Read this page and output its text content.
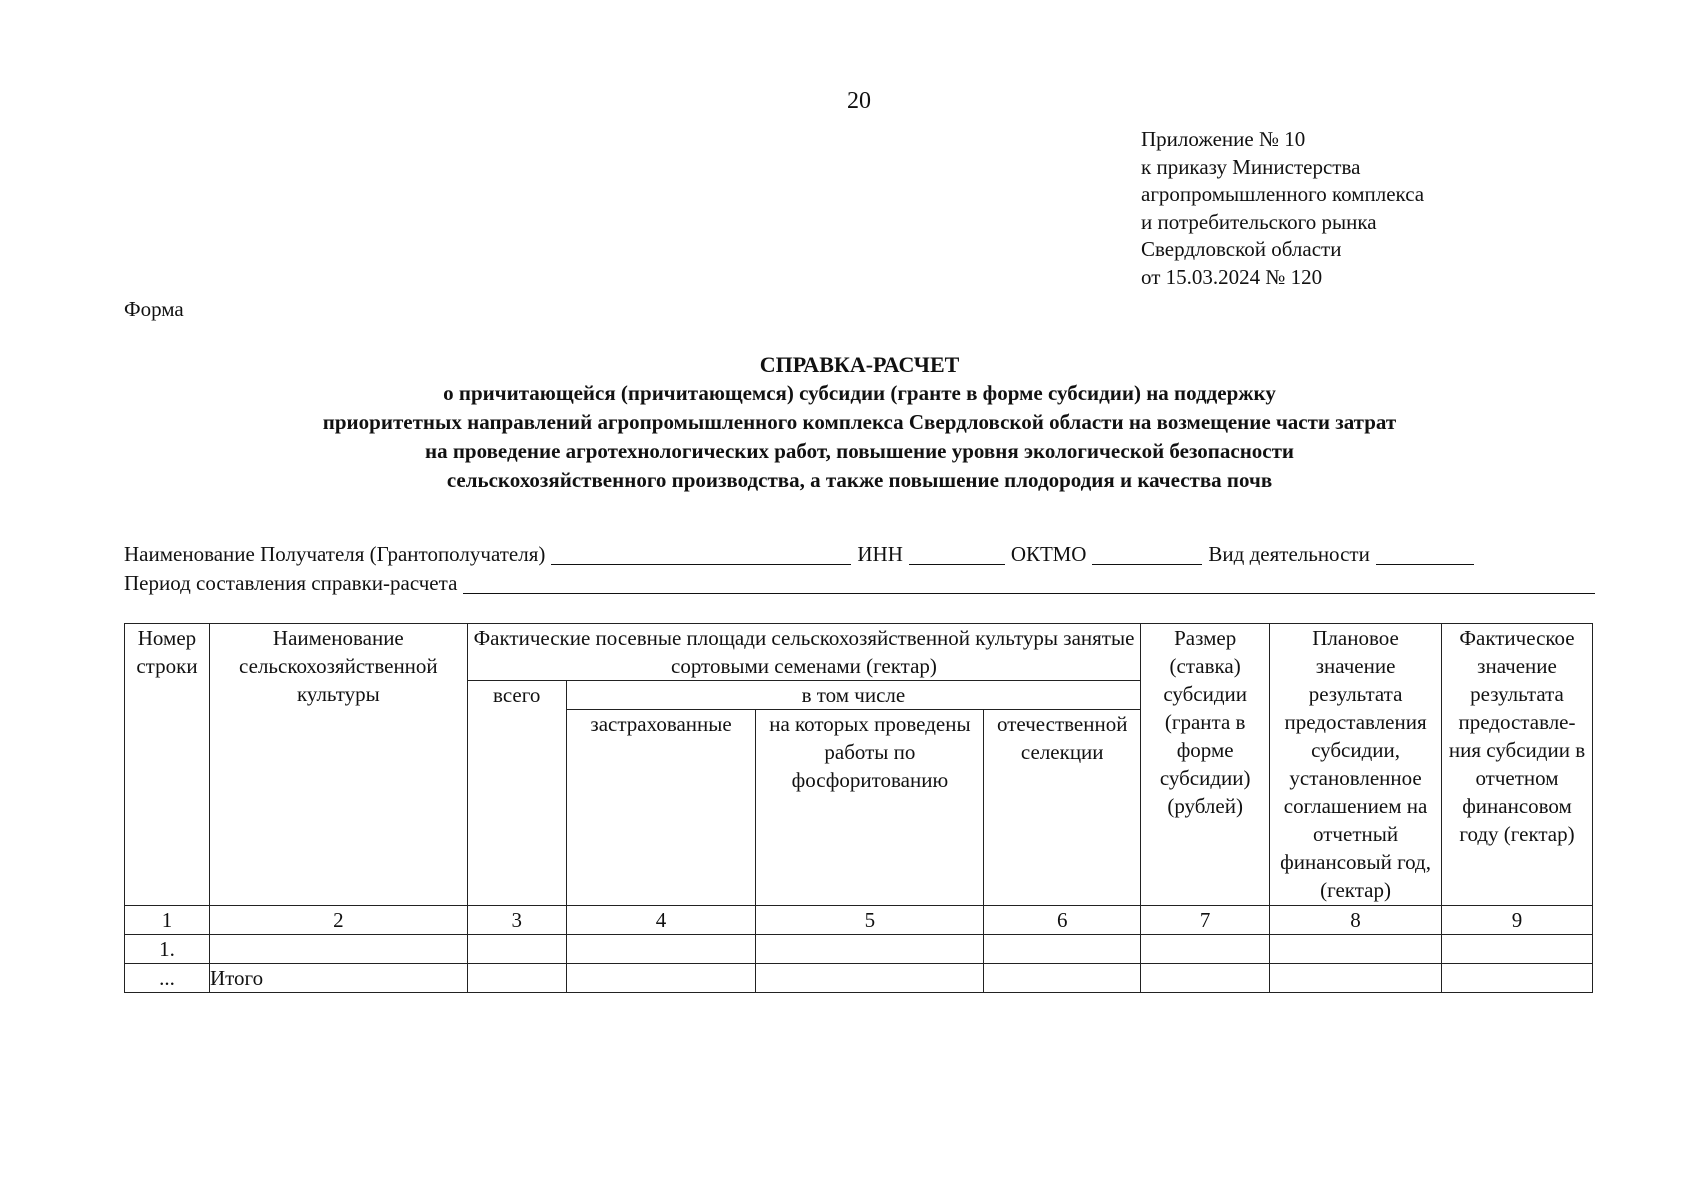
20
Приложение № 10
к приказу Министерства
агропромышленного комплекса
и потребительского рынка
Свердловской области
от 15.03.2024 № 120
Форма
СПРАВКА-РАСЧЕТ
о причитающейся (причитающемся) субсидии (гранте в форме субсидии) на поддержку
приоритетных направлений агропромышленного комплекса Свердловской области на возмещение части затрат
на проведение агротехнологических работ, повышение уровня экологической безопасности
сельскохозяйственного производства, а также повышение плодородия и качества почв
Наименование Получателя (Грантополучателя)	ИНН	ОКТМО	Вид деятельности
Период составления справки-расчета
Номер строки	Наименование сельскохозяйственной культуры	Фактические посевные площади сельскохозяйственной культуры занятые сортовыми семенами (гектар)				Размер (ставка) субсидии (гранта в форме субсидии) (рублей)	Плановое значение результата предоставления субсидии, установленное соглашением на отчетный финансовый год, (гектар)	Фактическое значение результата предоставле-ния субсидии в отчетном финансовом году (гектар)
		всего	в том числе					
			застрахованные	на которых проведены работы по фосфоритованию	отечественной селекции			
1	2	3	4	5	6	7	8	9
1.								
...	Итого							
